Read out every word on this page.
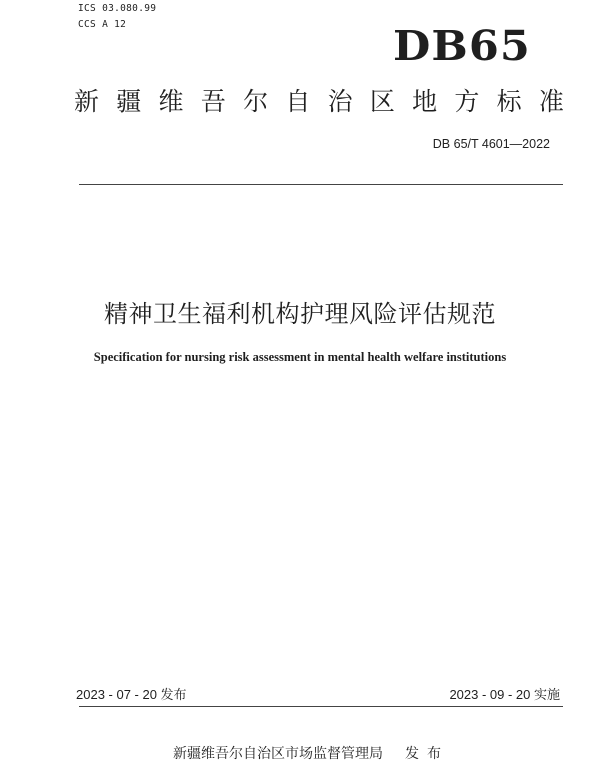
ICS 03.080.99
CCS A 12	DB65
新 疆 维 吾 尔 自 治 区 地 方 标 准
DB 65/T 4601—2022
精神卫生福利机构护理风险评估规范
Specification for nursing risk assessment in mental health welfare institutions
2023 - 07 - 20 发布	2023 - 09 - 20 实施
新疆维吾尔自治区市场监督管理局 发布
